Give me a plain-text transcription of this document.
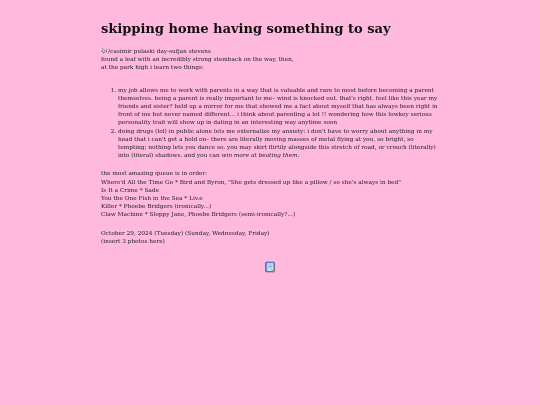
skipping home having something to say
🎶/casimir pulaski day-sufjan stevens
found a leaf with an incredibly strong stemback on the way, then,
at the park high i learn two things:
1. my job allows me to work with parents in a way that is valuable and rare to most before becoming a parent themselves. being a parent is really important to me– wind is knocked out. that's right. feel like this year my friends and sister? held up a mirror for me that showed me a fact about myself that has always been right in front of me but never named different... i think about parenting a lot !! wondering how this lowkey serious personality trait will show up in dating in an interesting way anytime soon
2. doing drugs (lol) in public alone lets me externalize my anxiety: i don't have to worry about anything in my head that i can't get a hold on– there are literally moving masses of metal flying at you, so bright, so tempting; nothing lets you dance so. you may skirt flirtily alongside this stretch of road, or crouch (literally) into (literal) shadows. and you can win more at beating them.
the most amazing queue is in order:
Where'd All the Time Go * Bird and Byron, "She gets dressed up like a pillow / so she's always in bed"
Is It a Crime * Sade
You the One Fish in the Sea * Liv.e
Killer * Phoebe Bridgers (ironically...)
Claw Machine * Sloppy Jane, Phoebe Bridgers (semi-ironically?...)
October 29, 2024 (Tuesday) (Sunday, Wednesday, Friday)
(insert 3 photos here)
